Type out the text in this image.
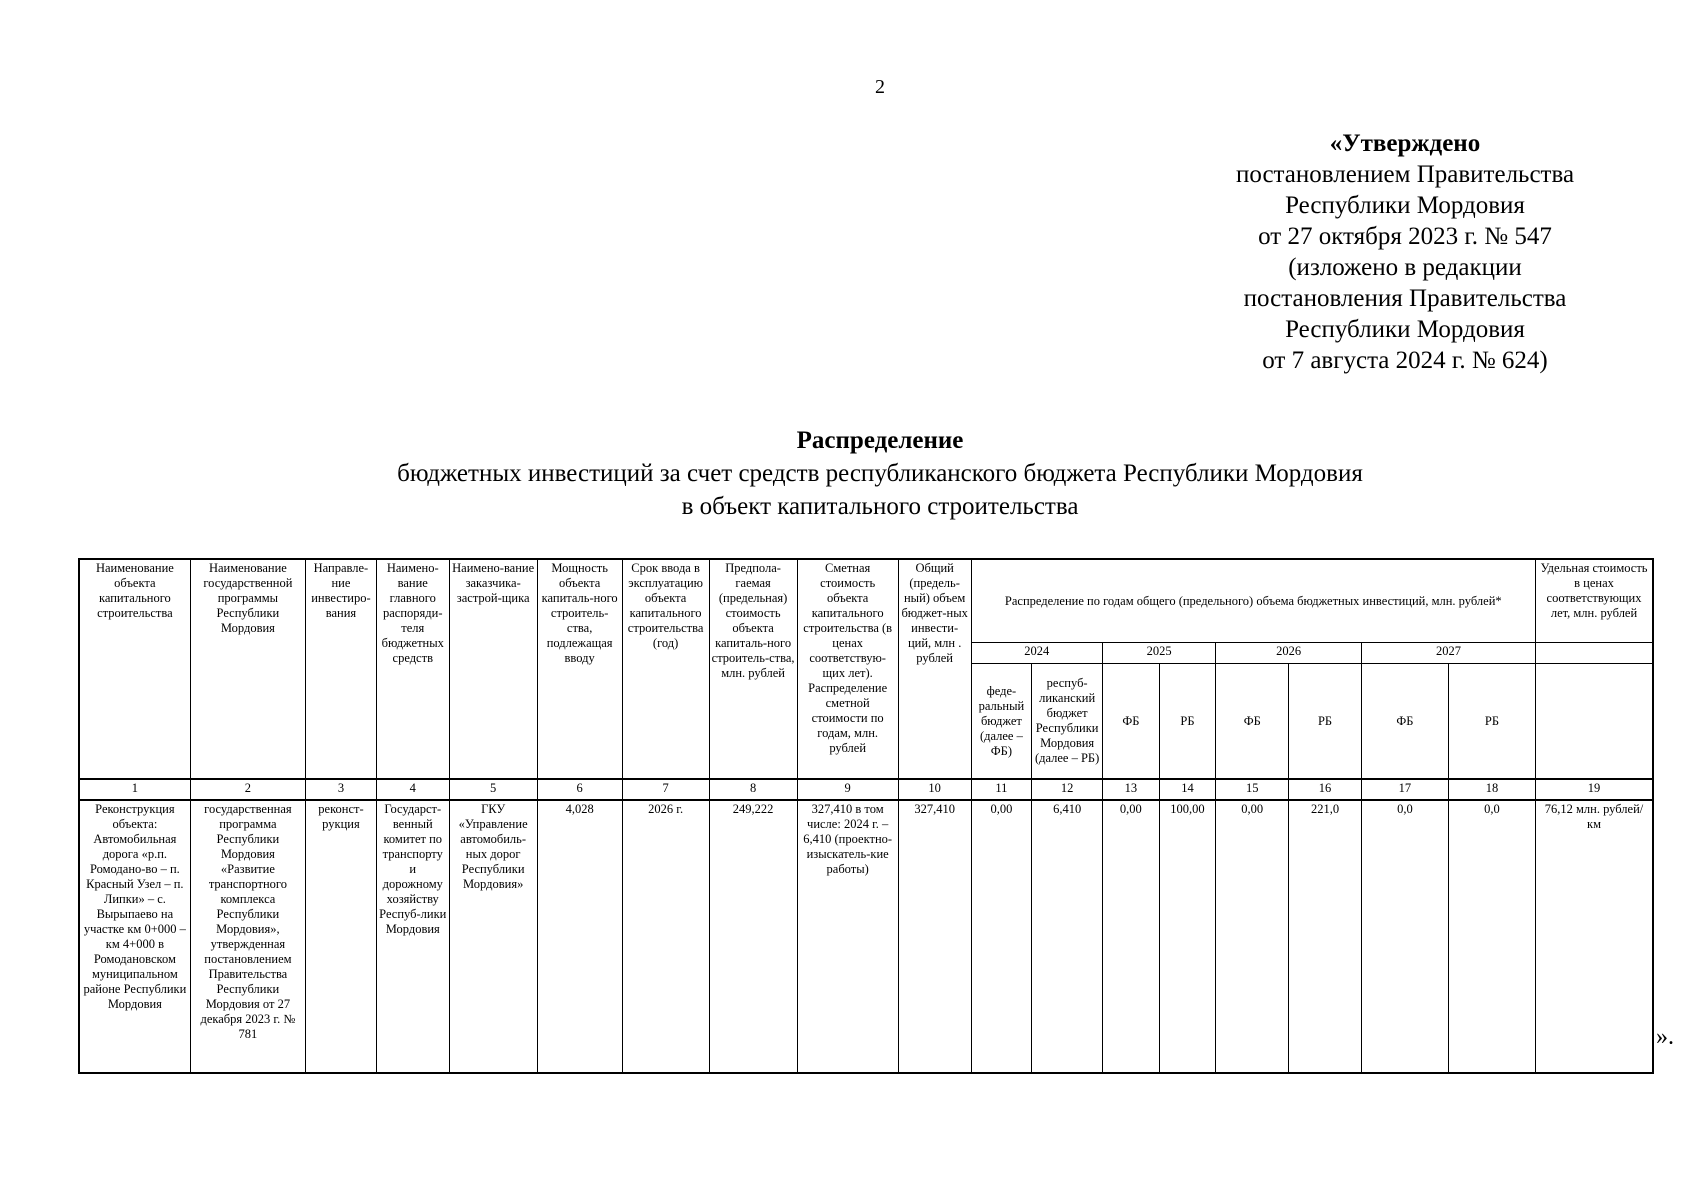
2
«Утверждено
постановлением Правительства
Республики Мордовия
от 27 октября 2023 г. № 547
(изложено в редакции
постановления Правительства
Республики Мордовия
от 7 августа 2024 г. № 624)
Распределение
бюджетных инвестиций за счет средств республиканского бюджета Республики Мордовия
в объект капитального строительства
Наименование объекта капитального строительства	Наименование государственной программы Республики Мордовия	Направле-ние инвестиро-вания	Наимено-вание главного распоряди-теля бюджетных средств	Наимено-вание заказчика-застрой-щика	Мощность объекта капиталь-ного строитель-ства, подлежащая вводу	Срок ввода в эксплуатацию объекта капитального строительства (год)	Предпола-гаемая (предельная) стоимость объекта капиталь-ного строитель-ства, млн. рублей	Сметная стоимость объекта капитального строительства (в ценах соответствую-щих лет). Распределение сметной стоимости по годам, млн. рублей	Общий (предель-ный) объем бюджет-ных инвести-ций, млн . рублей	Распределение по годам общего (предельного) объема бюджетных инвестиций, млн. рублей*								Удельная стоимость в ценах соответствующих лет, млн. рублей
										2024		2025		2026		2027		
										феде-ральный бюджет (далее – ФБ)	респуб-ликанский бюджет Республики Мордовия (далее – РБ)	ФБ	РБ	ФБ	РБ	ФБ	РБ	
1	2	3	4	5	6	7	8	9	10	11	12	13	14	15	16	17	18	19
Реконструкция объекта: Автомобильная дорога «р.п. Ромодано-во – п. Красный Узел – п. Липки» – с. Вырыпаево на участке км 0+000 – км 4+000 в Ромодановском муниципальном районе Республики Мордовия	государственная программа Республики Мордовия «Развитие транспортного комплекса Республики Мордовия», утвержденная постановлением Правительства Республики Мордовия от 27 декабря 2023 г. № 781	реконст-рукция	Государст-венный комитет по транспорту и дорожному хозяйству Респуб-лики Мордовия	ГКУ «Управление автомобиль-ных дорог Республики Мордовия»	4,028	2026 г.	249,222	327,410 в том числе: 2024 г. – 6,410 (проектно-изыскатель-кие работы)	327,410	0,00	6,410	0,00	100,00	0,00	221,0	0,0	0,0	76,12 млн. рублей/ км
».
